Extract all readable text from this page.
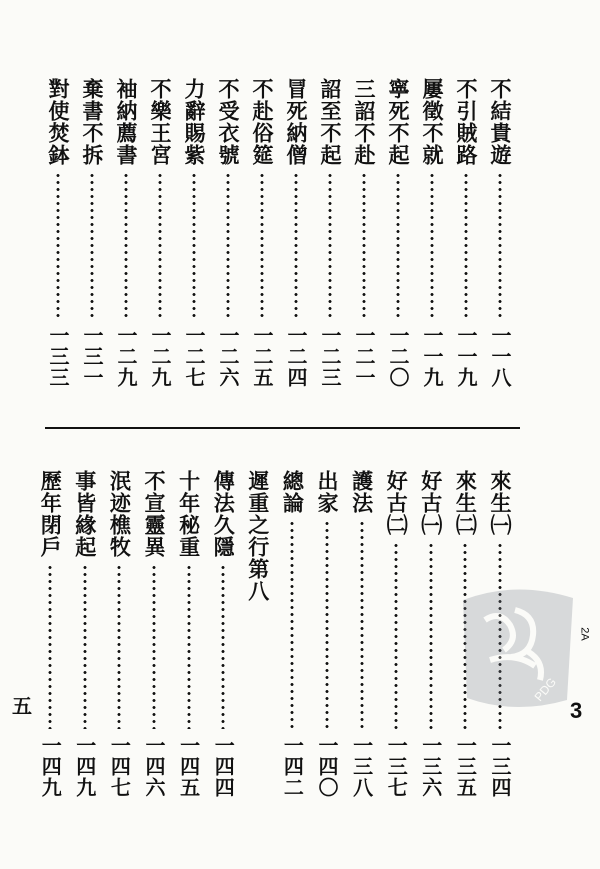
不結貴遊
一一八
不引賊路
一一九
屢徵不就
一一九
寧死不起
一二〇
三詔不赴
一二一
詔至不起
一二三
冒死納僧
一二四
不赴俗筵
一二五
不受衣號
一二六
力辭賜紫
一二七
不樂王宮
一二九
袖納薦書
一二九
棄書不拆
一三一
對使焚鉢
一三三
來生㈠
一三四
來生㈡
一三五
好古㈠
一三六
好古㈡
一三七
護法
一三八
出家
一四〇
總論
一四二
遲重之行第八
傳法久隱
一四四
十年秘重
一四五
不宣靈異
一四六
泯迹樵牧
一四七
事皆緣起
一四九
歷年閉戶
一四九
五
2A
3
PDG
